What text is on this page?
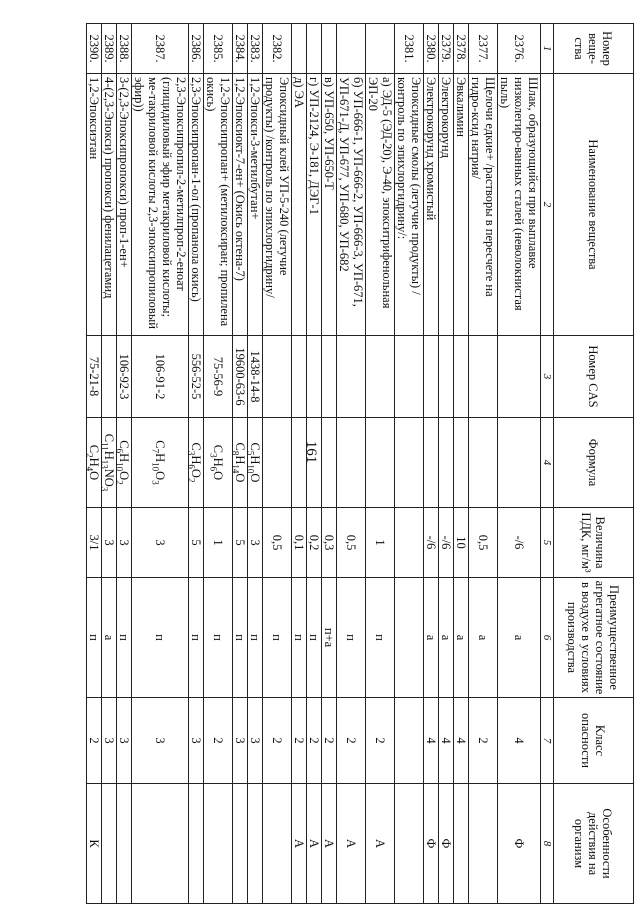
161
Номер веще-ства	Наименование вещества	Номер CAS	Формула	Величина ПДК, мг/м³	Преимущественное агрегатное состояние в воздухе в условиях производства	Класс опасности	Особенности действия на организм
1	2	3	4	5	6	7	8
2376.	Шлак, образующийся при выплавке низколегиро-ванных сталей (неволокнистая пыль)			-/6	а	4	Ф
2377.	Щелочи едкие+ /растворы в пересчете на гидро-ксид натрия/			0,5	а	2	
2378.	Эвкалимин			10	а	4	
2379.	Электрокорунд			-/6	а	4	Ф
2380.	Электрокорунд хромистый			-/6	а	4	Ф
2381.	Эпоксидные смолы (летучие продукты) /контроль по эпихлоргидрину/:						
	а) ЭД-5 (ЭД-20), Э-40, эпокситрифенольная ЭП-20			1	п	2	А
	б) УП-666-1, УП-666-2, УП-666-3, УП-671, УП-671-Д, УП-677, УП-680, УП-682			0,5	п	2	А
	в) УП-650, УП-650-Т			0,3	п+а	2	А
	г) УП-2124, Э-181, ДЭГ-1			0,2	п	2	А
	д) ЭА			0,1	п	2	А
2382.	Эпоксидный клей УП-5-240 (летучие продукты) /контроль по эпихлоргидрину/			0,5	п	2	
2383.	1,2-Эпокси-3-метилбутан+	1438-14-8	$C_5H_{10}O$	3	п	3	
2384.	1,2-Эпоксиокт-7-ен+ (Окись октена-7)	19600-63-6	$C_8H_{14}O$	5	п	3	
2385.	1,2-Эпоксипропан+ (метилоксиран; пропилена окись)	75-56-9	$C_3H_6O$	1	п	2	
2386.	2,3-Эпоксипропан-1-ол (пропанола окись)	556-52-5	$C_3H_6O_2$	5	п	3	
2387.	2,3-Эпоксипропил-2-метилпроп-2-еноат (глицидиловый эфир метакриловой кислоты; ме-такриловой кислоты 2,3-эпоксипропиловый эфир))	106-91-2	$C_7H_{10}O_3$	3	п	3	
2388.	3-(2,3-Эпоксипропокси) проп-1-ен+	106-92-3	$C_6H_{10}O_2$	3	п	3	
2389.	4-(2,3-Эпокси) пропокси) фенилацетамид		$C_{11}H_{13}NO_3$	3	а	3	
2390.	1,2-Эпоксиэтан	75-21-8	$C_2H_4O$	3/1	п	2	К
